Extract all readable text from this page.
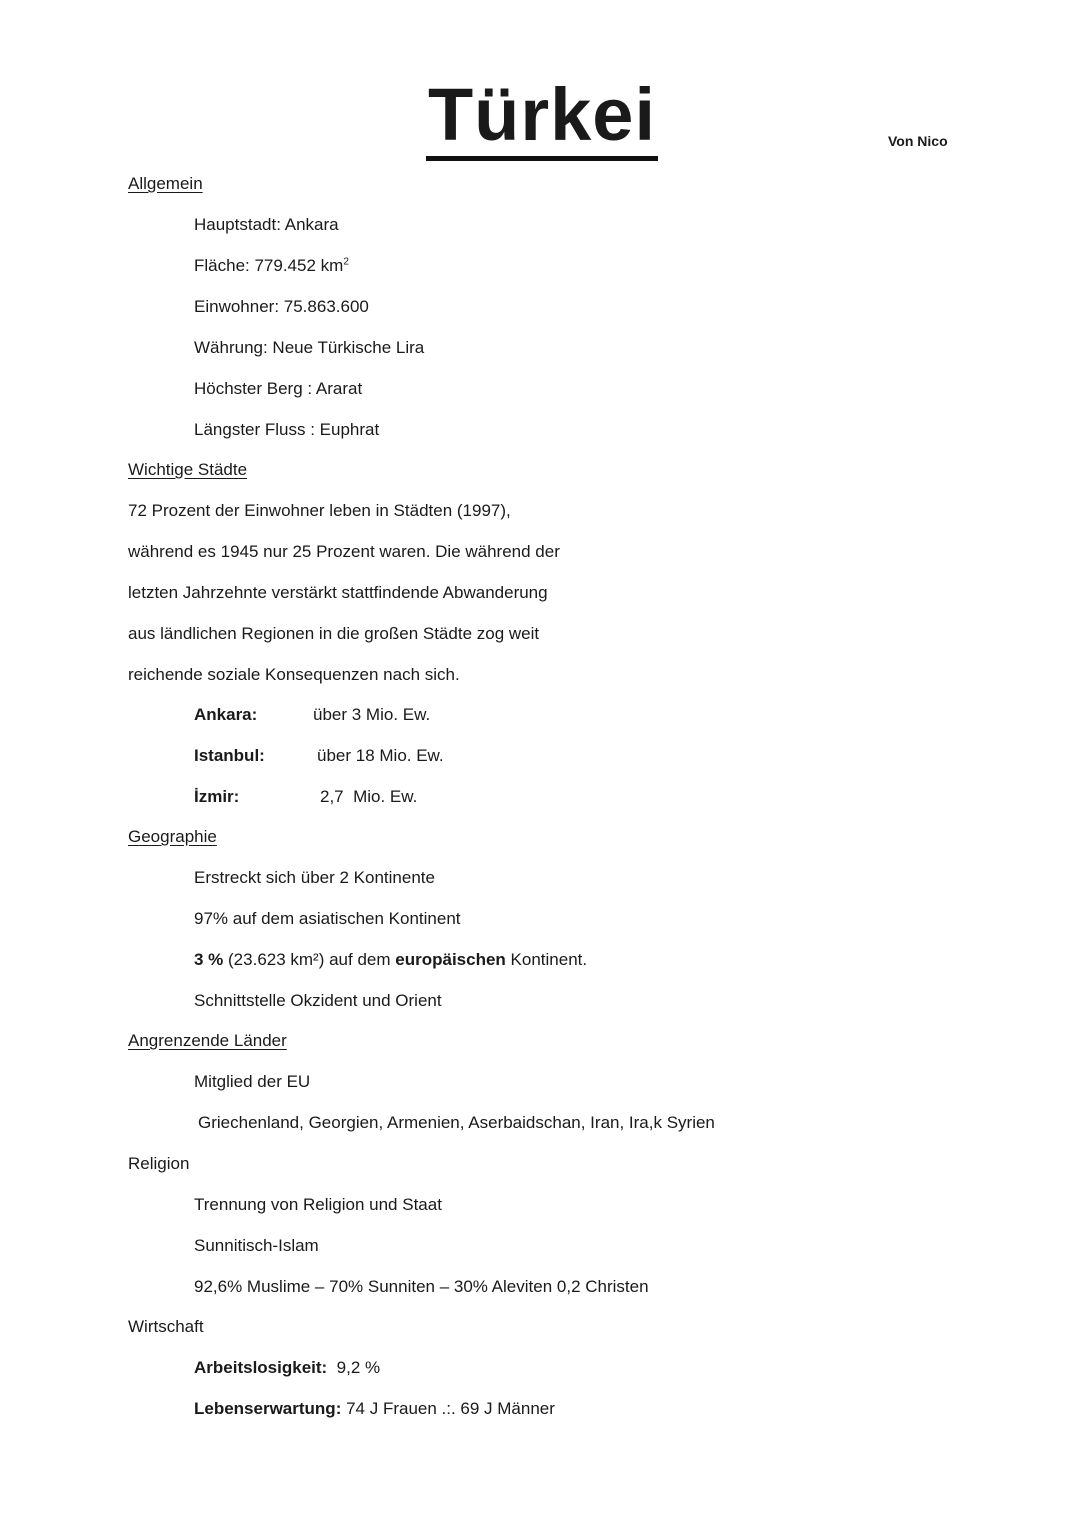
Türkei	Von Nico
Allgemein
Hauptstadt: Ankara
Fläche: 779.452 $km^2$
Einwohner: 75.863.600
Währung: Neue Türkische Lira
Höchster Berg : Ararat
Längster Fluss : Euphrat
Wichtige Städte
72 Prozent der Einwohner leben in Städten (1997),
während es 1945 nur 25 Prozent waren. Die während der
letzten Jahrzehnte verstärkt stattfindende Abwanderung
aus ländlichen Regionen in die großen Städte zog weit
reichende soziale Konsequenzen nach sich.
Ankara:	über 3 Mio. Ew.
Istanbul:	über 18 Mio. Ew.
İzmir:	2,7  Mio. Ew.
Geographie
Erstreckt sich über 2 Kontinente
97% auf dem asiatischen Kontinent
3 % (23.623 km²) auf dem europäischen Kontinent.
Schnittstelle Okzident und Orient
Angrenzende Länder
Mitglied der EU
Griechenland, Georgien, Armenien, Aserbaidschan, Iran, Ira,k Syrien
Religion
Trennung von Religion und Staat
Sunnitisch-Islam
92,6% Muslime – 70% Sunniten – 30% Aleviten 0,2 Christen
Wirtschaft
Arbeitslosigkeit:  9,2 %
Lebenserwartung: 74 J Frauen .:. 69 J Männer
